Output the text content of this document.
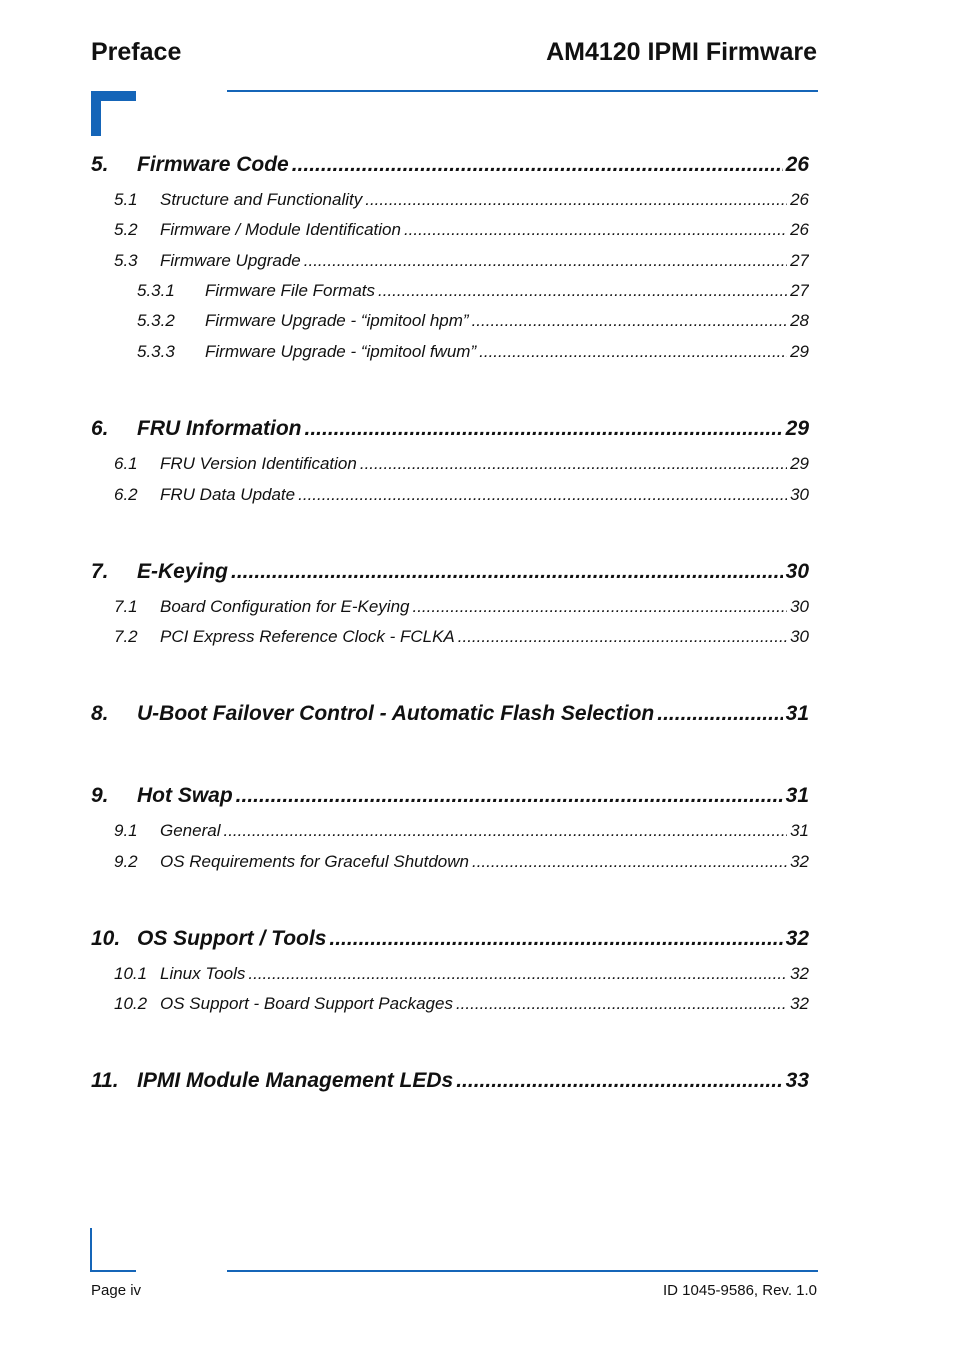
Preface	AM4120 IPMI Firmware
5.	Firmware Code .....	26
5.1	Structure and Functionality .....	26
5.2	Firmware / Module Identification .....	26
5.3	Firmware Upgrade .....	27
5.3.1	Firmware File Formats .....	27
5.3.2	Firmware Upgrade - “ipmitool hpm” .....	28
5.3.3	Firmware Upgrade - “ipmitool fwum” .....	29
6.	FRU Information .....	29
6.1	FRU Version Identification .....	29
6.2	FRU Data Update .....	30
7.	E-Keying .....	30
7.1	Board Configuration for E-Keying .....	30
7.2	PCI Express Reference Clock - FCLKA .....	30
8.	U-Boot Failover Control - Automatic Flash Selection .....	31
9.	Hot Swap .....	31
9.1	General .....	31
9.2	OS Requirements for Graceful Shutdown .....	32
10. OS Support / Tools .....	32
10.1 Linux Tools .....	32
10.2 OS Support - Board Support Packages .....	32
11. IPMI Module Management LEDs .....	33
Page iv	ID 1045-9586, Rev. 1.0
